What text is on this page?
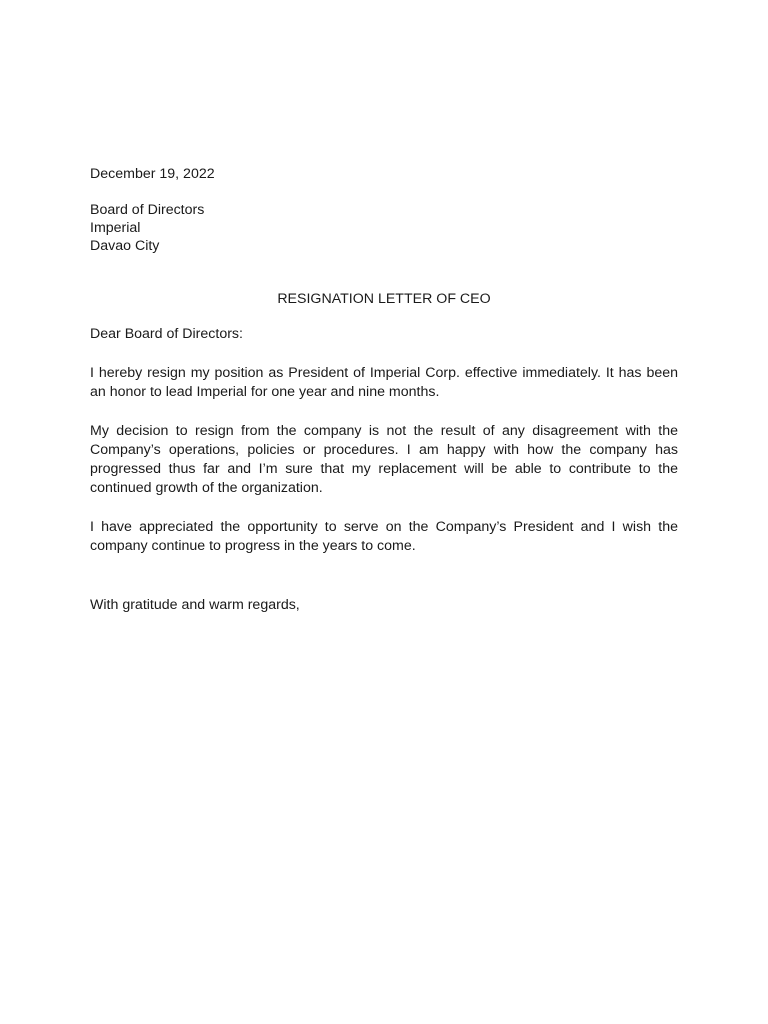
December 19, 2022

Board of Directors
Imperial
Davao City

RESIGNATION LETTER OF CEO

Dear Board of Directors:

I hereby resign my position as President of Imperial Corp. effective immediately. It has been an honor to lead Imperial for one year and nine months.

My decision to resign from the company is not the result of any disagreement with the Company’s operations, policies or procedures. I am happy with how the company has progressed thus far and I’m sure that my replacement will be able to contribute to the continued growth of the organization.

I have appreciated the opportunity to serve on the Company’s President and I wish the company continue to progress in the years to come.

With gratitude and warm regards,
